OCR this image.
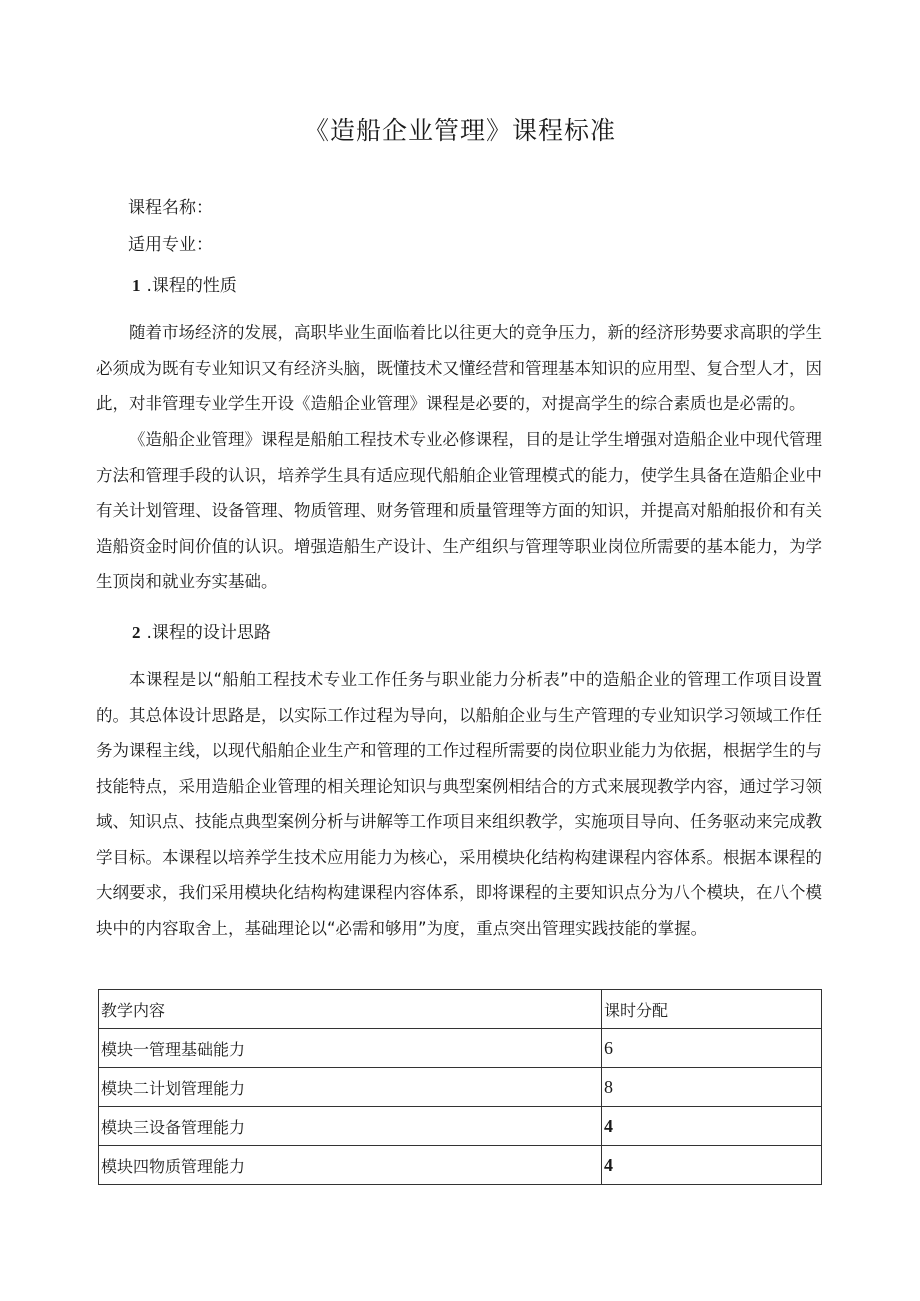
《造船企业管理》课程标准
课程名称：
适用专业：
1 .课程的性质
随着市场经济的发展，高职毕业生面临着比以往更大的竞争压力，新的经济形势要求高职的学生必须成为既有专业知识又有经济头脑，既懂技术又懂经营和管理基本知识的应用型、复合型人才，因此，对非管理专业学生开设《造船企业管理》课程是必要的，对提高学生的综合素质也是必需的。
《造船企业管理》课程是船舶工程技术专业必修课程，目的是让学生增强对造船企业中现代管理方法和管理手段的认识，培养学生具有适应现代船舶企业管理模式的能力，使学生具备在造船企业中有关计划管理、设备管理、物质管理、财务管理和质量管理等方面的知识，并提高对船舶报价和有关造船资金时间价值的认识。增强造船生产设计、生产组织与管理等职业岗位所需要的基本能力，为学生顶岗和就业夯实基础。
2 .课程的设计思路
本课程是以“船舶工程技术专业工作任务与职业能力分析表”中的造船企业的管理工作项目设置的。其总体设计思路是，以实际工作过程为导向，以船舶企业与生产管理的专业知识学习领域工作任务为课程主线，以现代船舶企业生产和管理的工作过程所需要的岗位职业能力为依据，根据学生的与技能特点，采用造船企业管理的相关理论知识与典型案例相结合的方式来展现教学内容，通过学习领域、知识点、技能点典型案例分析与讲解等工作项目来组织教学，实施项目导向、任务驱动来完成教学目标。本课程以培养学生技术应用能力为核心，采用模块化结构构建课程内容体系。根据本课程的大纲要求，我们采用模块化结构构建课程内容体系，即将课程的主要知识点分为八个模块，在八个模块中的内容取舍上，基础理论以“必需和够用”为度，重点突出管理实践技能的掌握。
教学内容	课时分配
模块一管理基础能力	6
模块二计划管理能力	8
模块三设备管理能力	4
模块四物质管理能力	4
